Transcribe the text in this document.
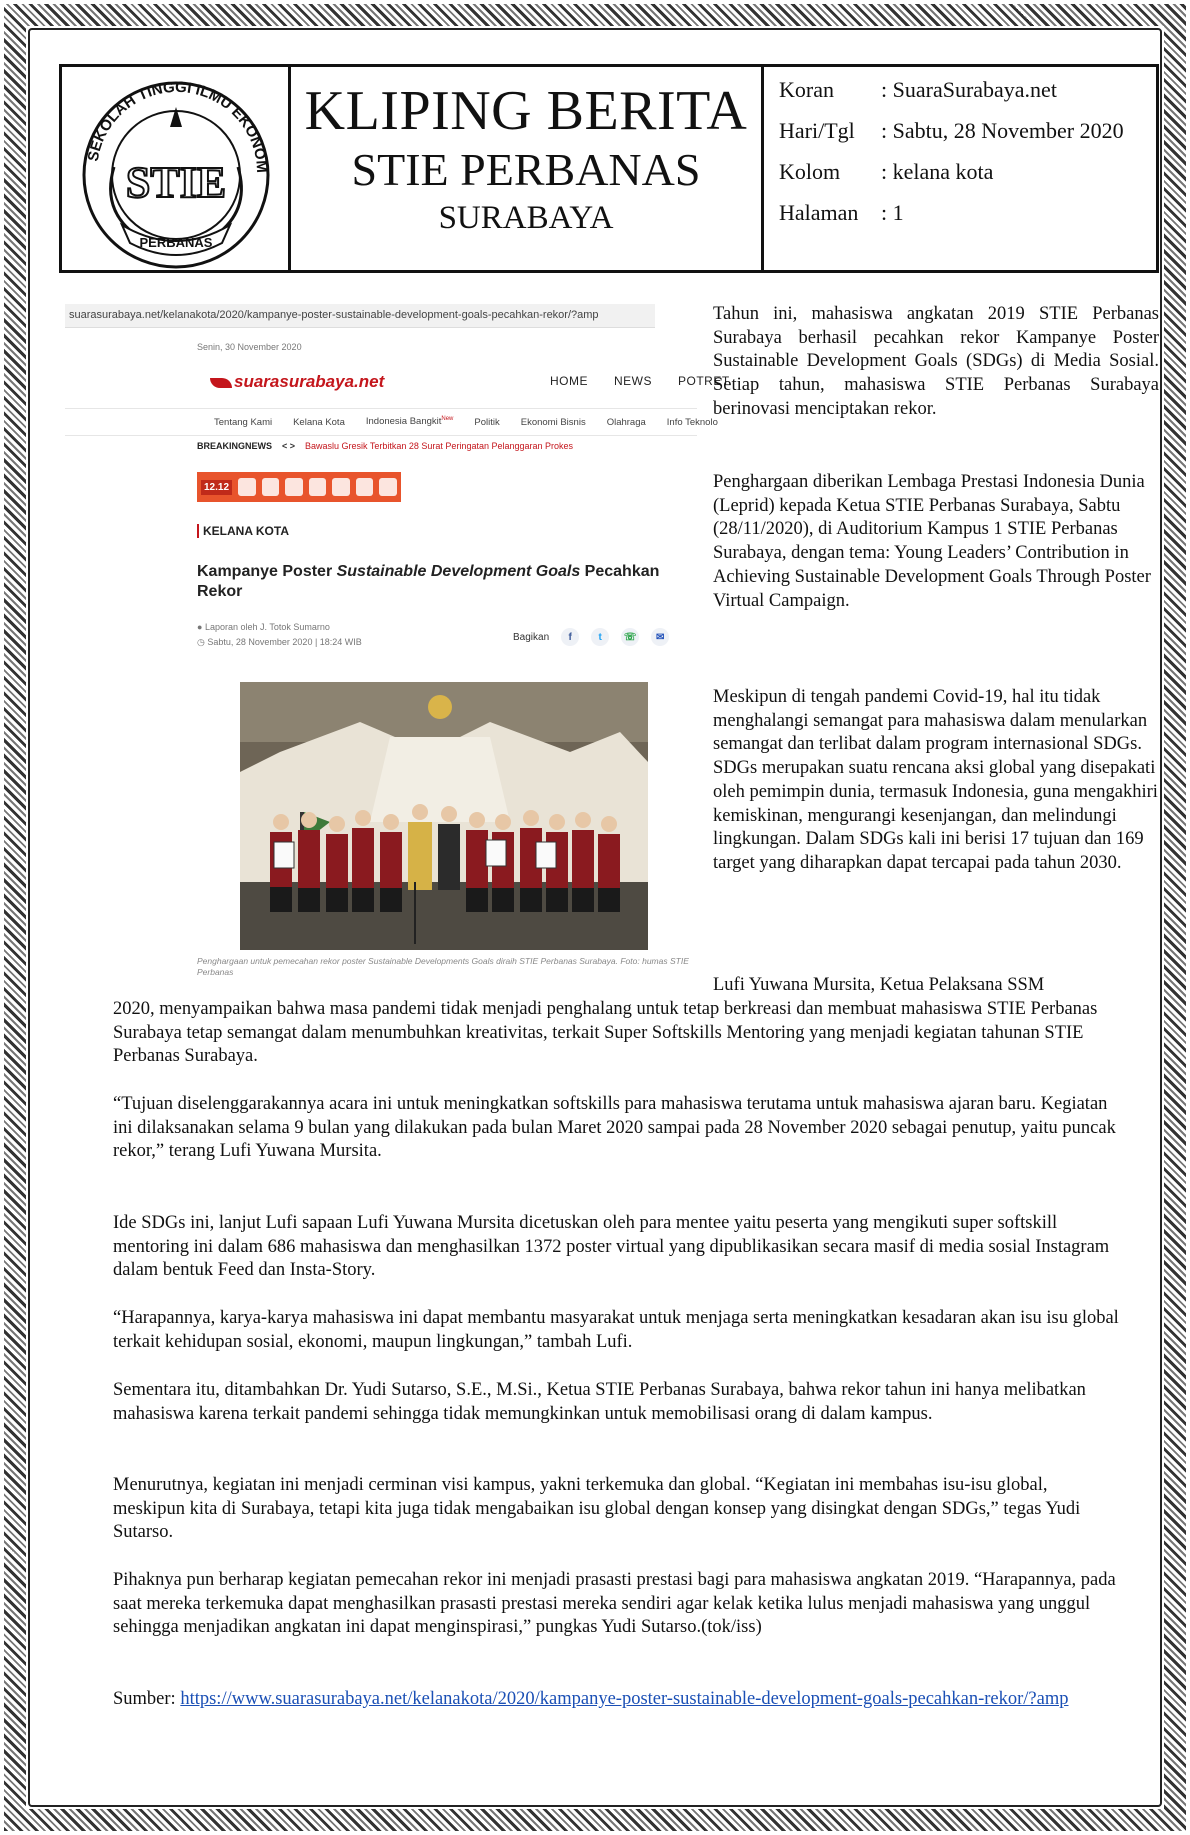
SEKOLAH TINGGI ILMU EKONOM
STIE
PERBANAS
KLIPING BERITA
STIE PERBANAS
SURABAYA
Koran	: SuaraSurabaya.net
Hari/Tgl	: Sabtu, 28 November 2020
Kolom	: kelana kota
Halaman	: 1
suarasurabaya.net/kelanakota/2020/kampanye-poster-sustainable-development-goals-pecahkan-rekor/?amp
Senin, 30 November 2020
suarasurabaya.net	HOME NEWS POTRET
Tentang Kami Kelana Kota Indonesia Bangkit$^{New}$ Politik Ekonomi Bisnis Olahraga Info Teknolo
BREAKINGNEWS < > Bawaslu Gresik Terbitkan 28 Surat Peringatan Pelanggaran Prokes
12.12
KELANA KOTA
Kampanye Poster Sustainable Development Goals Pecahkan Rekor
● Laporan oleh J. Totok Sumarno
◷ Sabtu, 28 November 2020 | 18:24 WIB	Bagikan	f	t	☏	✉
Penghargaan untuk pemecahan rekor poster Sustainable Developments Goals diraih STIE Perbanas Surabaya. Foto: humas STIE Perbanas
Tahun ini, mahasiswa angkatan 2019 STIE Perbanas Surabaya berhasil pecahkan rekor Kampanye Poster Sustainable Development Goals (SDGs) di Media Sosial. Setiap tahun, mahasiswa STIE Perbanas Surabaya berinovasi menciptakan rekor.
Penghargaan diberikan Lembaga Prestasi Indonesia Dunia (Leprid) kepada Ketua STIE Perbanas Surabaya, Sabtu (28/11/2020), di Auditorium Kampus 1 STIE Perbanas Surabaya, dengan tema: Young Leaders’ Contribution in Achieving Sustainable Development Goals Through Poster Virtual Campaign.
Meskipun di tengah pandemi Covid-19, hal itu tidak menghalangi semangat para mahasiswa dalam menularkan semangat dan terlibat dalam program internasional SDGs. SDGs merupakan suatu rencana aksi global yang disepakati oleh pemimpin dunia, termasuk Indonesia, guna mengakhiri kemiskinan, mengurangi kesenjangan, dan melindungi lingkungan. Dalam SDGs kali ini berisi 17 tujuan dan 169 target yang diharapkan dapat tercapai pada tahun 2030.
Lufi Yuwana Mursita, Ketua Pelaksana SSM
2020, menyampaikan bahwa masa pandemi tidak menjadi penghalang untuk tetap berkreasi dan membuat mahasiswa STIE Perbanas Surabaya tetap semangat dalam menumbuhkan kreativitas, terkait Super Softskills Mentoring yang menjadi kegiatan tahunan STIE Perbanas Surabaya.
“Tujuan diselenggarakannya acara ini untuk meningkatkan softskills para mahasiswa terutama untuk mahasiswa ajaran baru. Kegiatan ini dilaksanakan selama 9 bulan yang dilakukan pada bulan Maret 2020 sampai pada 28 November 2020 sebagai penutup, yaitu puncak rekor,” terang Lufi Yuwana Mursita.
Ide SDGs ini, lanjut Lufi sapaan Lufi Yuwana Mursita dicetuskan oleh para mentee yaitu peserta yang mengikuti super softskill mentoring ini dalam 686 mahasiswa dan menghasilkan 1372 poster virtual yang dipublikasikan secara masif di media sosial Instagram dalam bentuk Feed dan Insta-Story.
“Harapannya, karya-karya mahasiswa ini dapat membantu masyarakat untuk menjaga serta meningkatkan kesadaran akan isu isu global terkait kehidupan sosial, ekonomi, maupun lingkungan,” tambah Lufi.
Sementara itu, ditambahkan Dr. Yudi Sutarso, S.E., M.Si., Ketua STIE Perbanas Surabaya, bahwa rekor tahun ini hanya melibatkan mahasiswa karena terkait pandemi sehingga tidak memungkinkan untuk memobilisasi orang di dalam kampus.
Menurutnya, kegiatan ini menjadi cerminan visi kampus, yakni terkemuka dan global. “Kegiatan ini membahas isu-isu global, meskipun kita di Surabaya, tetapi kita juga tidak mengabaikan isu global dengan konsep yang disingkat dengan SDGs,” tegas Yudi Sutarso.
Pihaknya pun berharap kegiatan pemecahan rekor ini menjadi prasasti prestasi bagi para mahasiswa angkatan 2019. “Harapannya, pada saat mereka terkemuka dapat menghasilkan prasasti prestasi mereka sendiri agar kelak ketika lulus menjadi mahasiswa yang unggul sehingga menjadikan angkatan ini dapat menginspirasi,” pungkas Yudi Sutarso.(tok/iss)
Sumber: https://www.suarasurabaya.net/kelanakota/2020/kampanye-poster-sustainable-development-goals-pecahkan-rekor/?amp
